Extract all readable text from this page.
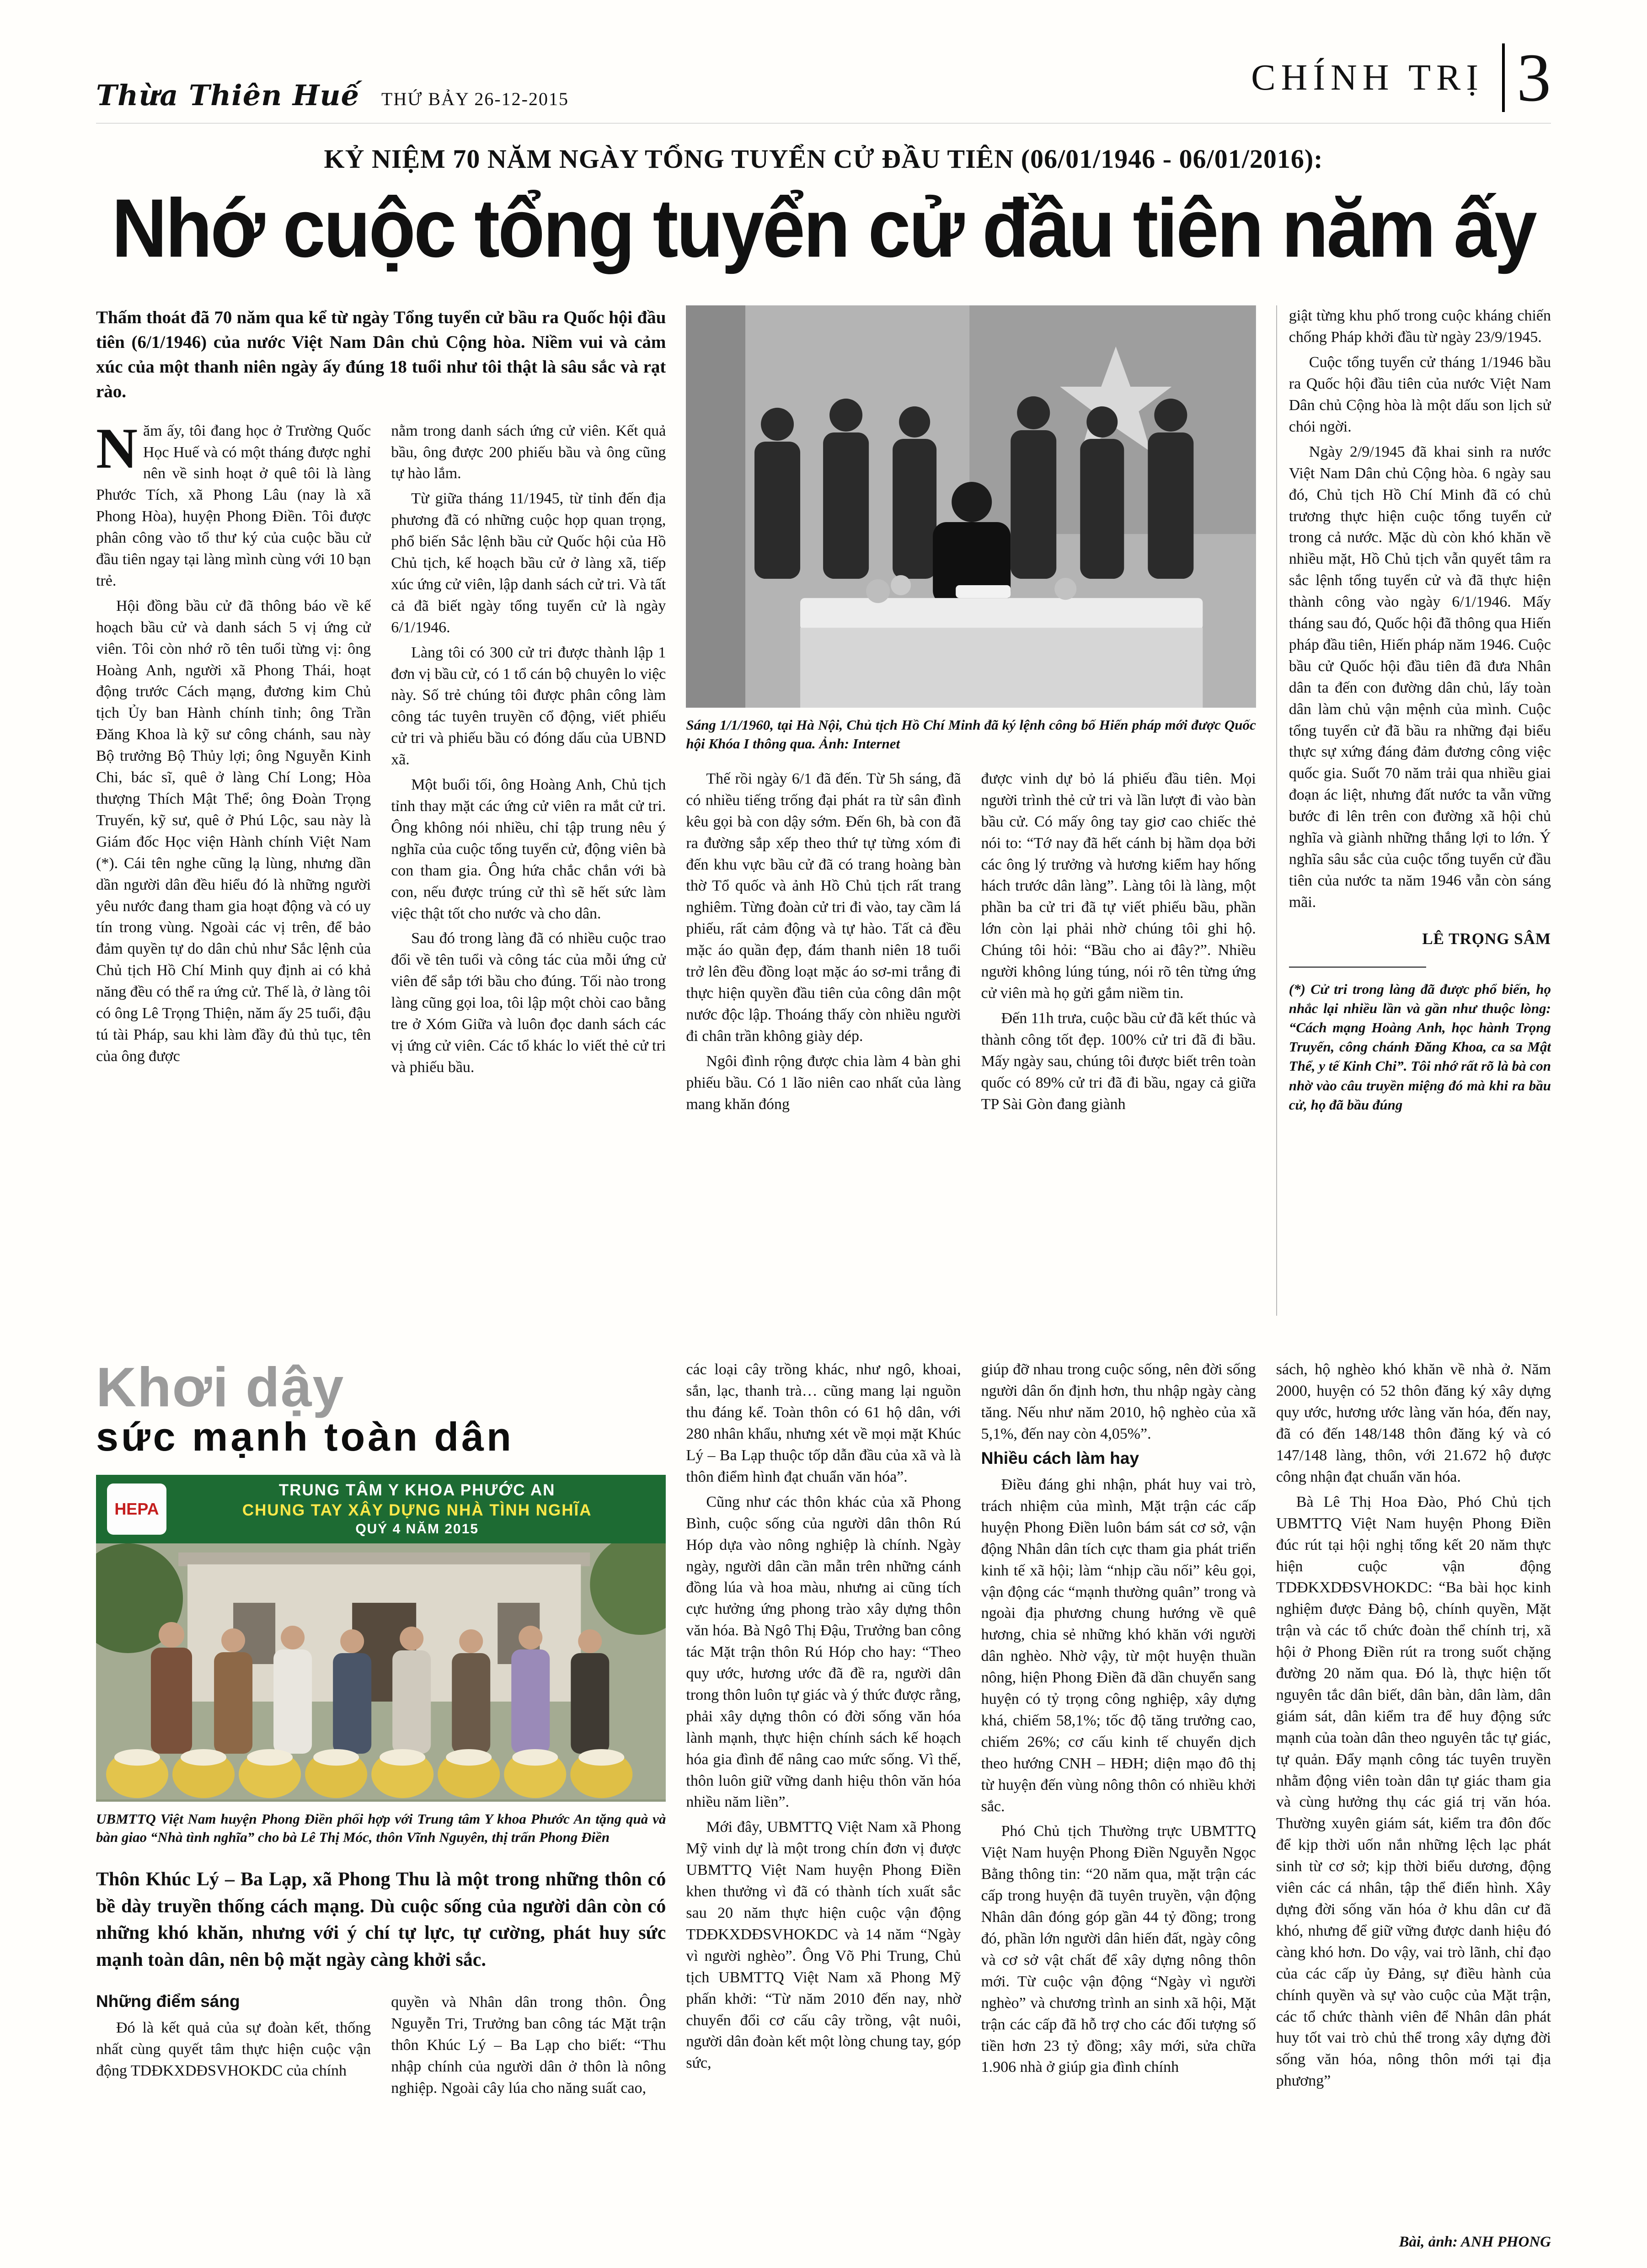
Thừa Thiên Huế THỨ BẢY 26-12-2015
CHÍNH TRỊ 3
KỶ NIỆM 70 NĂM NGÀY TỔNG TUYỂN CỬ ĐẦU TIÊN (06/01/1946 - 06/01/2016):
Nhớ cuộc tổng tuyển cử đầu tiên năm ấy

Thấm thoát đã 70 năm qua kể từ ngày Tổng tuyển cử bầu ra Quốc hội đầu tiên (6/1/1946) của nước Việt Nam Dân chủ Cộng hòa. Niềm vui và cảm xúc của một thanh niên ngày ấy đúng 18 tuổi như tôi thật là sâu sắc và rạt rào.

Năm ấy, tôi đang học ở Trường Quốc Học Huế và có một tháng được nghỉ nên về sinh hoạt ở quê tôi là làng Phước Tích, xã Phong Lâu (nay là xã Phong Hòa), huyện Phong Điền. Tôi được phân công vào tổ thư ký của cuộc bầu cử đầu tiên ngay tại làng mình cùng với 10 bạn trẻ.

Hội đồng bầu cử đã thông báo về kế hoạch bầu cử và danh sách 5 vị ứng cử viên. Tôi còn nhớ rõ tên tuổi từng vị: ông Hoàng Anh, người xã Phong Thái, hoạt động trước Cách mạng, đương kim Chủ tịch Ủy ban Hành chính tỉnh; ông Trần Đăng Khoa là kỹ sư công chánh, sau này Bộ trưởng Bộ Thủy lợi; ông Nguyễn Kinh Chi, bác sĩ, quê ở làng Chí Long; Hòa thượng Thích Mật Thể; ông Đoàn Trọng Truyến, kỹ sư, quê ở Phú Lộc, sau này là Giám đốc Học viện Hành chính Việt Nam (*). Cái tên nghe cũng lạ lùng, nhưng dần dần người dân đều hiểu đó là những người yêu nước đang tham gia hoạt động và có uy tín trong vùng. Ngoài các vị trên, để bảo đảm quyền tự do dân chủ như Sắc lệnh của Chủ tịch Hồ Chí Minh quy định ai có khả năng đều có thể ra ứng cử. Thế là, ở làng tôi có ông Lê Trọng Thiện, năm ấy 25 tuổi, đậu tú tài Pháp, sau khi làm đầy đủ thủ tục, tên của ông được

nằm trong danh sách ứng cử viên. Kết quả bầu, ông được 200 phiếu bầu và ông cũng tự hào lắm.

Từ giữa tháng 11/1945, từ tỉnh đến địa phương đã có những cuộc họp quan trọng, phổ biến Sắc lệnh bầu cử Quốc hội của Hồ Chủ tịch, kế hoạch bầu cử ở làng xã, tiếp xúc ứng cử viên, lập danh sách cử tri. Và tất cả đã biết ngày tổng tuyển cử là ngày 6/1/1946.

Làng tôi có 300 cử tri được thành lập 1 đơn vị bầu cử, có 1 tổ cán bộ chuyên lo việc này. Số trẻ chúng tôi được phân công làm công tác tuyên truyền cổ động, viết phiếu cử tri và phiếu bầu có đóng dấu của UBND xã.

Một buổi tối, ông Hoàng Anh, Chủ tịch tỉnh thay mặt các ứng cử viên ra mắt cử tri. Ông không nói nhiều, chỉ tập trung nêu ý nghĩa của cuộc tổng tuyển cử, động viên bà con tham gia. Ông hứa chắc chắn với bà con, nếu được trúng cử thì sẽ hết sức làm việc thật tốt cho nước và cho dân.

Sau đó trong làng đã có nhiều cuộc trao đổi về tên tuổi và công tác của mỗi ứng cử viên để sắp tới bầu cho đúng. Tối nào trong làng cũng gọi loa, tôi lập một chòi cao bằng tre ở Xóm Giữa và luôn đọc danh sách các vị ứng cử viên. Các tổ khác lo viết thẻ cử tri và phiếu bầu.

Sáng 1/1/1960, tại Hà Nội, Chủ tịch Hồ Chí Minh đã ký lệnh công bố Hiến pháp mới được Quốc hội Khóa I thông qua. Ảnh: Internet

Thế rồi ngày 6/1 đã đến. Từ 5h sáng, đã có nhiều tiếng trống đại phát ra từ sân đình kêu gọi bà con dậy sớm. Đến 6h, bà con đã ra đường sắp xếp theo thứ tự từng xóm đi đến khu vực bầu cử đã có trang hoàng bàn thờ Tổ quốc và ảnh Hồ Chủ tịch rất trang nghiêm. Từng đoàn cử tri đi vào, tay cầm lá phiếu, rất cảm động và tự hào. Tất cả đều mặc áo quần đẹp, đám thanh niên 18 tuổi trở lên đều đồng loạt mặc áo sơ-mi trắng đi thực hiện quyền đầu tiên của công dân một nước độc lập. Thoáng thấy còn nhiều người đi chân trần không giày dép.

Ngôi đình rộng được chia làm 4 bàn ghi phiếu bầu. Có 1 lão niên cao nhất của làng mang khăn đóng

được vinh dự bỏ lá phiếu đầu tiên. Mọi người trình thẻ cử tri và lần lượt đi vào bàn bầu cử. Có mấy ông tay giơ cao chiếc thẻ nói to: “Tớ nay đã hết cánh bị hầm dọa bởi các ông lý trưởng và hương kiểm hay hống hách trước dân làng”. Làng tôi là làng, một phần ba cử tri đã tự viết phiếu bầu, phần lớn còn lại phải nhờ chúng tôi ghi hộ. Chúng tôi hỏi: “Bầu cho ai đây?”. Nhiều người không lúng túng, nói rõ tên từng ứng cử viên mà họ gửi gắm niềm tin.

Đến 11h trưa, cuộc bầu cử đã kết thúc và thành công tốt đẹp. 100% cử tri đã đi bầu. Mấy ngày sau, chúng tôi được biết trên toàn quốc có 89% cử tri đã đi bầu, ngay cả giữa TP Sài Gòn đang giành

giật từng khu phố trong cuộc kháng chiến chống Pháp khởi đầu từ ngày 23/9/1945.

Cuộc tổng tuyển cử tháng 1/1946 bầu ra Quốc hội đầu tiên của nước Việt Nam Dân chủ Cộng hòa là một dấu son lịch sử chói ngời.

Ngày 2/9/1945 đã khai sinh ra nước Việt Nam Dân chủ Cộng hòa. 6 ngày sau đó, Chủ tịch Hồ Chí Minh đã có chủ trương thực hiện cuộc tổng tuyển cử trong cả nước. Mặc dù còn khó khăn về nhiều mặt, Hồ Chủ tịch vẫn quyết tâm ra sắc lệnh tổng tuyển cử và đã thực hiện thành công vào ngày 6/1/1946. Mấy tháng sau đó, Quốc hội đã thông qua Hiến pháp đầu tiên, Hiến pháp năm 1946. Cuộc bầu cử Quốc hội đầu tiên đã đưa Nhân dân ta đến con đường dân chủ, lấy toàn dân làm chủ vận mệnh của mình. Cuộc tổng tuyển cử đã bầu ra những đại biểu thực sự xứng đáng đảm đương công việc quốc gia. Suốt 70 năm trải qua nhiều giai đoạn ác liệt, nhưng đất nước ta vẫn vững bước đi lên trên con đường xã hội chủ nghĩa và giành những thắng lợi to lớn. Ý nghĩa sâu sắc của cuộc tổng tuyển cử đầu tiên của nước ta năm 1946 vẫn còn sáng mãi.

LÊ TRỌNG SÂM
(*) Cử tri trong làng đã được phổ biến, họ nhắc lại nhiều lần và gần như thuộc lòng: “Cách mạng Hoàng Anh, học hành Trọng Truyến, công chánh Đăng Khoa, ca sa Mật Thể, y tế Kinh Chi”. Tôi nhớ rất rõ là bà con nhờ vào câu truyền miệng đó mà khi ra bầu cử, họ đã bầu đúng
Khơi dậy
sức mạnh toàn dân
HEPA
TRUNG TÂM Y KHOA PHƯỚC AN
CHUNG TAY XÂY DỰNG NHÀ TÌNH NGHĨA
QUÝ 4 NĂM 2015

UBMTTQ Việt Nam huyện Phong Điền phối hợp với Trung tâm Y khoa Phước An tặng quà và bàn giao “Nhà tình nghĩa” cho bà Lê Thị Móc, thôn Vĩnh Nguyên, thị trấn Phong Điền

Thôn Khúc Lý – Ba Lạp, xã Phong Thu là một trong những thôn có bề dày truyền thống cách mạng. Dù cuộc sống của người dân còn có những khó khăn, nhưng với ý chí tự lực, tự cường, phát huy sức mạnh toàn dân, nên bộ mặt ngày càng khởi sắc.

Những điểm sáng

Đó là kết quả của sự đoàn kết, thống nhất cùng quyết tâm thực hiện cuộc vận động TDĐKXDĐSVHOKDC của chính

quyền và Nhân dân trong thôn. Ông Nguyễn Tri, Trưởng ban công tác Mặt trận thôn Khúc Lý – Ba Lạp cho biết: “Thu nhập chính của người dân ở thôn là nông nghiệp. Ngoài cây lúa cho năng suất cao,

các loại cây trồng khác, như ngô, khoai, sắn, lạc, thanh trà… cũng mang lại nguồn thu đáng kể. Toàn thôn có 61 hộ dân, với 280 nhân khẩu, nhưng xét về mọi mặt Khúc Lý – Ba Lạp thuộc tốp dẫn đầu của xã và là thôn điểm hình đạt chuẩn văn hóa”.

Cũng như các thôn khác của xã Phong Bình, cuộc sống của người dân thôn Rú Hóp dựa vào nông nghiệp là chính. Ngày ngày, người dân cần mẫn trên những cánh đồng lúa và hoa màu, nhưng ai cũng tích cực hưởng ứng phong trào xây dựng thôn văn hóa. Bà Ngô Thị Đậu, Trưởng ban công tác Mặt trận thôn Rú Hóp cho hay: “Theo quy ước, hương ước đã đề ra, người dân trong thôn luôn tự giác và ý thức được rằng, phải xây dựng thôn có đời sống văn hóa lành mạnh, thực hiện chính sách kế hoạch hóa gia đình để nâng cao mức sống. Vì thế, thôn luôn giữ vững danh hiệu thôn văn hóa nhiều năm liền”.

Mới đây, UBMTTQ Việt Nam xã Phong Mỹ vinh dự là một trong chín đơn vị được UBMTTQ Việt Nam huyện Phong Điền khen thưởng vì đã có thành tích xuất sắc sau 20 năm thực hiện cuộc vận động TDĐKXDĐSVHOKDC và 14 năm “Ngày vì người nghèo”. Ông Võ Phi Trung, Chủ tịch UBMTTQ Việt Nam xã Phong Mỹ phấn khởi: “Từ năm 2010 đến nay, nhờ chuyển đổi cơ cấu cây trồng, vật nuôi, người dân đoàn kết một lòng chung tay, góp sức,

giúp đỡ nhau trong cuộc sống, nên đời sống người dân ổn định hơn, thu nhập ngày càng tăng. Nếu như năm 2010, hộ nghèo của xã 5,1%, đến nay còn 4,05%”.

Nhiều cách làm hay

Điều đáng ghi nhận, phát huy vai trò, trách nhiệm của mình, Mặt trận các cấp huyện Phong Điền luôn bám sát cơ sở, vận động Nhân dân tích cực tham gia phát triển kinh tế xã hội; làm “nhịp cầu nối” kêu gọi, vận động các “mạnh thường quân” trong và ngoài địa phương chung hướng về quê hương, chia sẻ những khó khăn với người dân nghèo. Nhờ vậy, từ một huyện thuần nông, hiện Phong Điền đã dần chuyển sang huyện có tỷ trọng công nghiệp, xây dựng khá, chiếm 58,1%; tốc độ tăng trưởng cao, chiếm 26%; cơ cấu kinh tế chuyển dịch theo hướng CNH – HĐH; diện mạo đô thị từ huyện đến vùng nông thôn có nhiều khởi sắc.

Phó Chủ tịch Thường trực UBMTTQ Việt Nam huyện Phong Điền Nguyễn Ngọc Bằng thông tin: “20 năm qua, mặt trận các cấp trong huyện đã tuyên truyền, vận động Nhân dân đóng góp gần 44 tỷ đồng; trong đó, phần lớn người dân hiến đất, ngày công và cơ sở vật chất để xây dựng nông thôn mới. Từ cuộc vận động “Ngày vì người nghèo” và chương trình an sinh xã hội, Mặt trận các cấp đã hỗ trợ cho các đối tượng số tiền hơn 23 tỷ đồng; xây mới, sửa chữa 1.906 nhà ở giúp gia đình chính

sách, hộ nghèo khó khăn về nhà ở. Năm 2000, huyện có 52 thôn đăng ký xây dựng quy ước, hương ước làng văn hóa, đến nay, đã có đến 148/148 thôn đăng ký và có 147/148 làng, thôn, với 21.672 hộ được công nhận đạt chuẩn văn hóa.

Bà Lê Thị Hoa Đào, Phó Chủ tịch UBMTTQ Việt Nam huyện Phong Điền đúc rút tại hội nghị tổng kết 20 năm thực hiện cuộc vận động TDĐKXDĐSVHOKDC: “Ba bài học kinh nghiệm được Đảng bộ, chính quyền, Mặt trận và các tổ chức đoàn thể chính trị, xã hội ở Phong Điền rút ra trong suốt chặng đường 20 năm qua. Đó là, thực hiện tốt nguyên tắc dân biết, dân bàn, dân làm, dân giám sát, dân kiểm tra để huy động sức mạnh của toàn dân theo nguyên tắc tự giác, tự quản. Đẩy mạnh công tác tuyên truyền nhằm động viên toàn dân tự giác tham gia và cùng hưởng thụ các giá trị văn hóa. Thường xuyên giám sát, kiểm tra đôn đốc để kịp thời uốn nắn những lệch lạc phát sinh từ cơ sở; kịp thời biểu dương, động viên các cá nhân, tập thể điển hình. Xây dựng đời sống văn hóa ở khu dân cư đã khó, nhưng để giữ vững được danh hiệu đó càng khó hơn. Do vậy, vai trò lãnh, chỉ đạo của các cấp ủy Đảng, sự điều hành của chính quyền và sự vào cuộc của Mặt trận, các tổ chức thành viên để Nhân dân phát huy tốt vai trò chủ thể trong xây dựng đời sống văn hóa, nông thôn mới tại địa phương”

Bài, ảnh: ANH PHONG
